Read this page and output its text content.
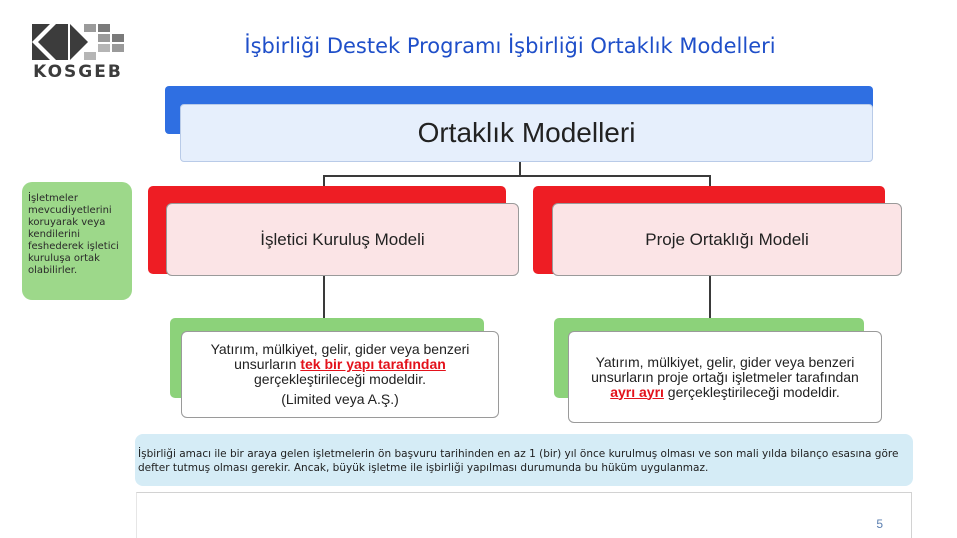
KOSGEB
İşbirliği Destek Programı İşbirliği Ortaklık Modelleri
Ortaklık Modelleri
İşletmeler mevcudiyetlerini koruyarak veya kendilerini feshederek işletici kuruluşa ortak olabilirler.
İşletici Kuruluş Modeli
Yatırım, mülkiyet, gelir, gider veya benzeri unsurların tek bir yapı tarafından gerçekleştirileceği modeldir.
(Limited veya A.Ş.)
Proje Ortaklığı Modeli
Yatırım, mülkiyet, gelir, gider veya benzeri unsurların proje ortağı işletmeler tarafından ayrı ayrı gerçekleştirileceği modeldir.
İşbirliği amacı ile bir araya gelen işletmelerin ön başvuru tarihinden en az 1 (bir) yıl önce kurulmuş olması ve son mali yılda bilanço esasına göre defter tutmuş olması gerekir. Ancak, büyük işletme ile işbirliği yapılması durumunda bu hüküm uygulanmaz.
5
